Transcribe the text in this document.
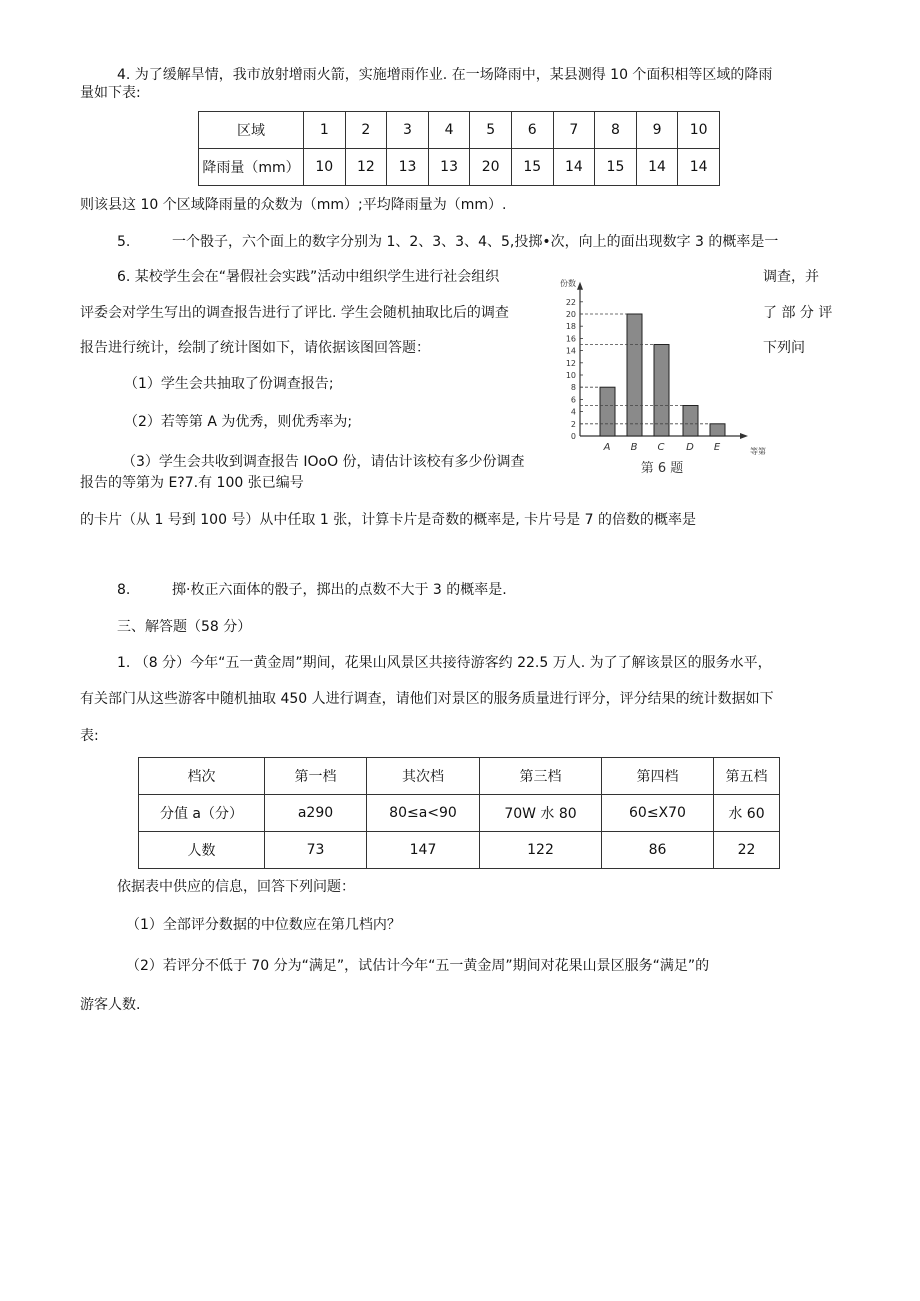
4. 为了缓解旱情，我市放射增雨火箭，实施增雨作业. 在一场降雨中，某县测得 10 个面积相等区域的降雨
量如下表:
区域	1	2	3	4	5	6	7	8	9	10
降雨量（mm）	10	12	13	13	20	15	14	15	14	14
则该县这 10 个区域降雨量的众数为（mm）;平均降雨量为（mm）.
5.	一个骰子，六个面上的数字分别为 1、2、3、3、4、5,投掷•次，向上的面出现数字 3 的概率是一
6. 某校学生会在“暑假社会实践”活动中组织学生进行社会组织	调查，并
评委会对学生写出的调查报告进行了评比. 学生会随机抽取比后的调查	了 部 分 评
报告进行统计，绘制了统计图如下，请依据该图回答题：	下列问
（1）学生会共抽取了份调查报告;
（2）若等第 A 为优秀，则优秀率为;
（3）学生会共收到调查报告 IOoO 份，请估计该校有多少份调查
报告的等第为 E?7.有 100 张已编号
份数
等第
0
2
4
6
8
10
12
14
16
18
20
22
A B C D E
第 6 题
的卡片（从 1 号到 100 号）从中任取 1 张，计算卡片是奇数的概率是, 卡片号是 7 的倍数的概率是
8.	掷·枚正六面体的骰子，掷出的点数不大于 3 的概率是.
三、解答题（58 分）
1. （8 分）今年“五一黄金周”期间，花果山风景区共接待游客约 22.5 万人. 为了了解该景区的服务水平，
有关部门从这些游客中随机抽取 450 人进行调查，请他们对景区的服务质量进行评分，评分结果的统计数据如下
表:
档次	第一档	其次档	第三档	第四档	第五档
分值 a（分）	a290	80≤a<90	70W 水 80	60≤X70	水 60
人数	73	147	122	86	22
依据表中供应的信息，回答下列问题：
（1）全部评分数据的中位数应在第几档内？
（2）若评分不低于 70 分为“满足”，试估计今年“五一黄金周”期间对花果山景区服务“满足”的
游客人数.
